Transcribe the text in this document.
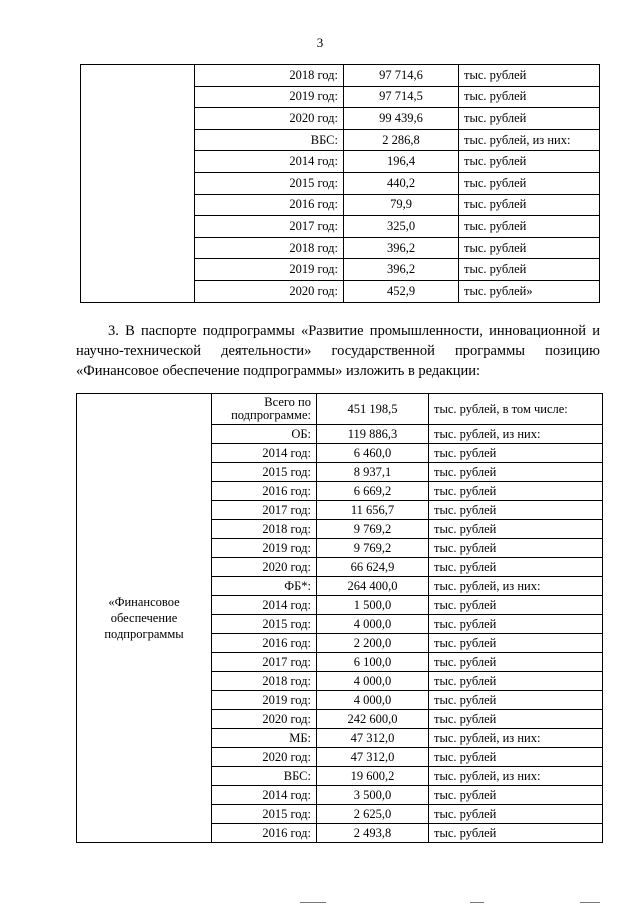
3
	2018 год:	97 714,6	тыс. рублей
	2019 год:	97 714,5	тыс. рублей
	2020 год:	99 439,6	тыс. рублей
	ВБС:	2 286,8	тыс. рублей, из них:
	2014 год:	196,4	тыс. рублей
	2015 год:	440,2	тыс. рублей
	2016 год:	79,9	тыс. рублей
	2017 год:	325,0	тыс. рублей
	2018 год:	396,2	тыс. рублей
	2019 год:	396,2	тыс. рублей
	2020 год:	452,9	тыс. рублей»
3. В паспорте подпрограммы «Развитие промышленности, инновационной и научно-технической деятельности» государственной программы позицию «Финансовое обеспечение подпрограммы» изложить в редакции:
«Финансовое обеспечение подпрограммы	Всего по подпрограмме:	451 198,5	тыс. рублей, в том числе:
	ОБ:	119 886,3	тыс. рублей, из них:
	2014 год:	6 460,0	тыс. рублей
	2015 год:	8 937,1	тыс. рублей
	2016 год:	6 669,2	тыс. рублей
	2017 год:	11 656,7	тыс. рублей
	2018 год:	9 769,2	тыс. рублей
	2019 год:	9 769,2	тыс. рублей
	2020 год:	66 624,9	тыс. рублей
	ФБ*:	264 400,0	тыс. рублей, из них:
	2014 год:	1 500,0	тыс. рублей
	2015 год:	4 000,0	тыс. рублей
	2016 год:	2 200,0	тыс. рублей
	2017 год:	6 100,0	тыс. рублей
	2018 год:	4 000,0	тыс. рублей
	2019 год:	4 000,0	тыс. рублей
	2020 год:	242 600,0	тыс. рублей
	МБ:	47 312,0	тыс. рублей, из них:
	2020 год:	47 312,0	тыс. рублей
	ВБС:	19 600,2	тыс. рублей, из них:
	2014 год:	3 500,0	тыс. рублей
	2015 год:	2 625,0	тыс. рублей
	2016 год:	2 493,8	тыс. рублей
